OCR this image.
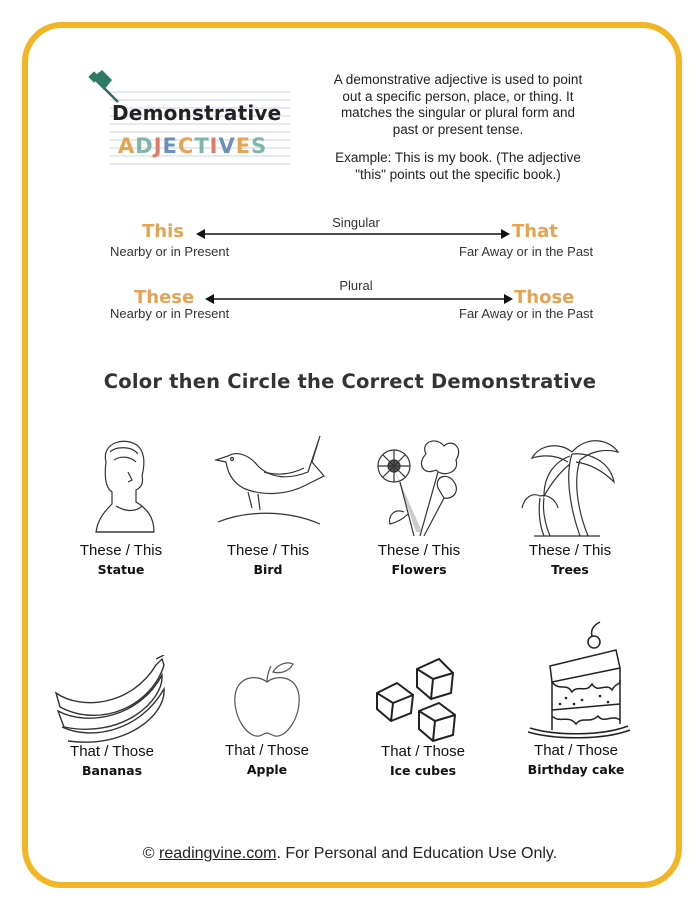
Demonstrative
ADJECTIVES
A demonstrative adjective is used to point
out a specific person, place, or thing. It
matches the singular or plural form and
past or present tense.
Example: This is my book. (The adjective
"this" points out the specific book.)
This
Nearby or in Present
Singular	That
Far Away or in the Past
These
Nearby or in Present
Plural
Those
Far Away or in the Past
Color then Circle the Correct Demonstrative
These / This
Statue
These / This
Bird
These / This
Flowers
These / This
Trees
That / Those
Bananas
That / Those
Apple
That / Those
Ice cubes
That / Those
Birthday cake
© readingvine.com. For Personal and Education Use Only.
